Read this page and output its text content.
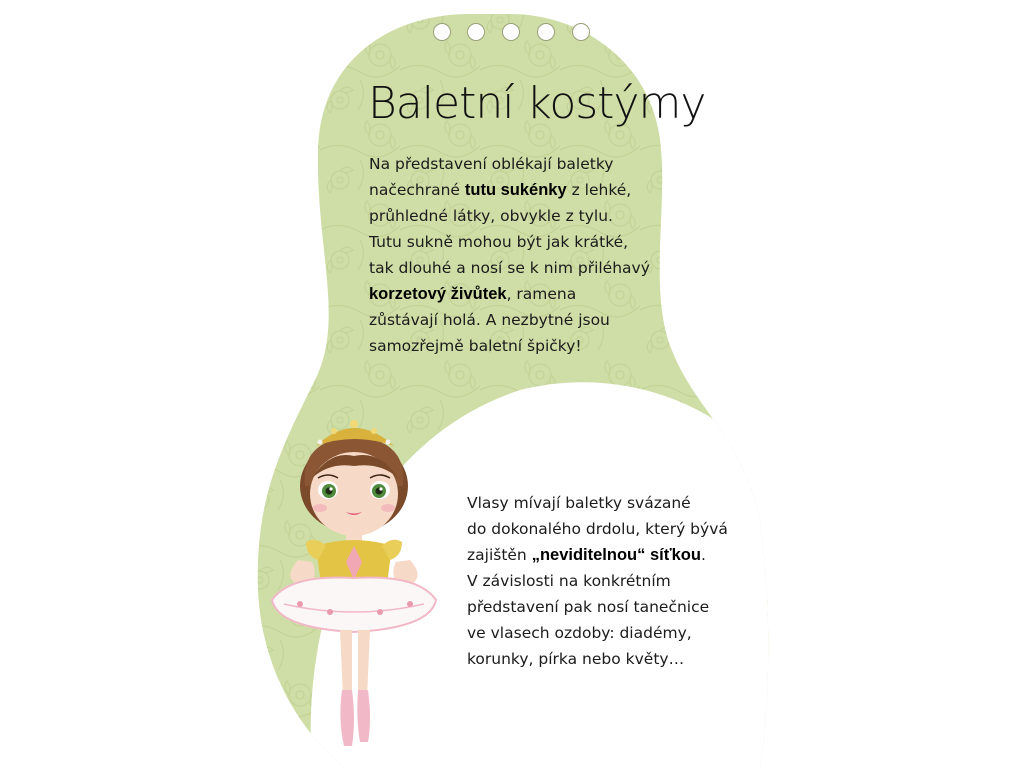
Baletní kostýmy
Na představení oblékají baletky
načechrané tutu sukénky z lehké,
průhledné látky, obvykle z tylu.
Tutu sukně mohou být jak krátké,
tak dlouhé a nosí se k nim přiléhavý
korzetový živůtek, ramena
zůstávají holá. A nezbytné jsou
samozřejmě baletní špičky!
Vlasy mívají baletky svázané
do dokonalého drdolu, který bývá
zajištěn „neviditelnou“ síťkou.
V závislosti na konkrétním
představení pak nosí tanečnice
ve vlasech ozdoby: diadémy,
korunky, pírka nebo květy…
